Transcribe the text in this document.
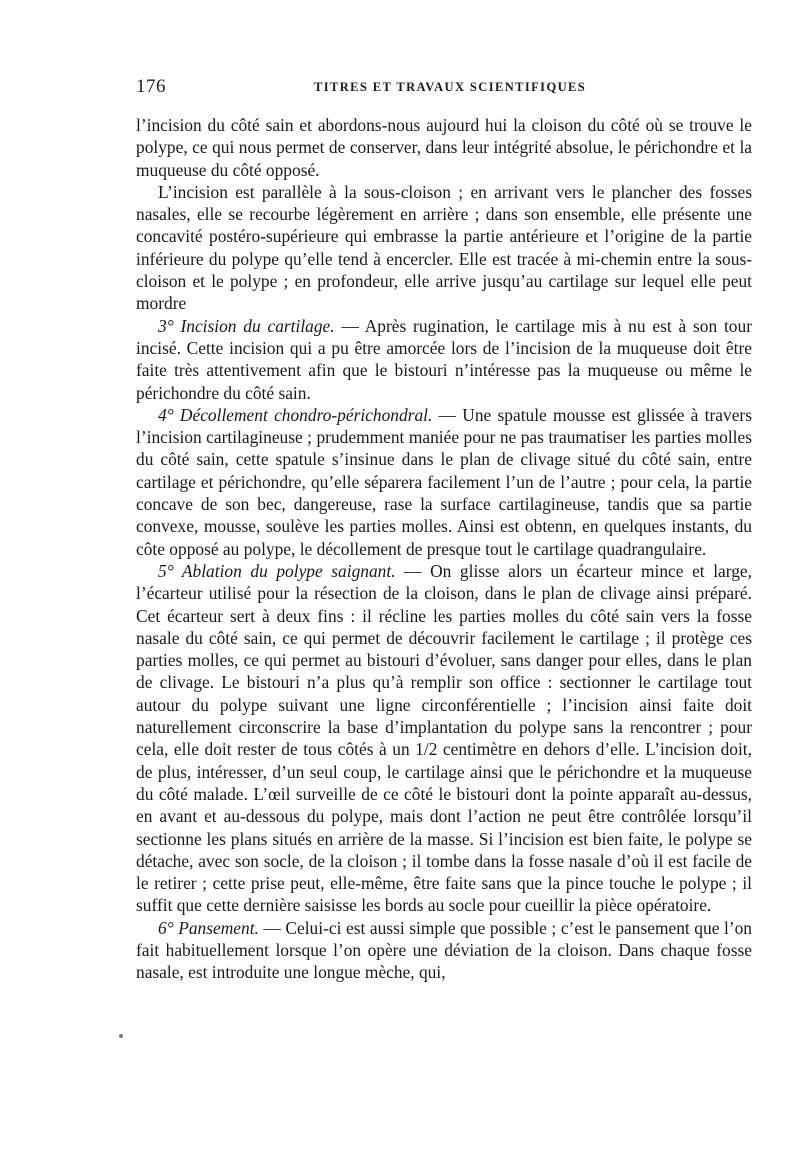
176	TITRES ET TRAVAUX SCIENTIFIQUES

l’incision du côté sain et abordons-nous aujourd hui la cloison du côté où se trouve le polype, ce qui nous permet de conserver, dans leur intégrité absolue, le périchondre et la muqueuse du côté opposé.

L’incision est parallèle à la sous-cloison ; en arrivant vers le plancher des fosses nasales, elle se recourbe légèrement en arrière ; dans son ensemble, elle présente une concavité postéro-supérieure qui embrasse la partie antérieure et l’origine de la partie inférieure du polype qu’elle tend à encercler. Elle est tracée à mi-chemin entre la sous-cloison et le polype ; en profondeur, elle arrive jusqu’au cartilage sur lequel elle peut mordre

3° Incision du cartilage. — Après rugination, le cartilage mis à nu est à son tour incisé. Cette incision qui a pu être amorcée lors de l’incision de la muqueuse doit être faite très attentivement afin que le bistouri n’intéresse pas la muqueuse ou même le périchondre du côté sain.

4° Décollement chondro-périchondral. — Une spatule mousse est glissée à travers l’incision cartilagineuse ; prudemment maniée pour ne pas traumatiser les parties molles du côté sain, cette spatule s’insinue dans le plan de clivage situé du côté sain, entre cartilage et périchondre, qu’elle séparera facilement l’un de l’autre ; pour cela, la partie concave de son bec, dangereuse, rase la surface cartilagineuse, tandis que sa partie convexe, mousse, soulève les parties molles. Ainsi est obtenn, en quelques instants, du côte opposé au polype, le décollement de presque tout le cartilage quadrangulaire.

5° Ablation du polype saignant. — On glisse alors un écarteur mince et large, l’écarteur utilisé pour la résection de la cloison, dans le plan de clivage ainsi préparé. Cet écarteur sert à deux fins : il récline les parties molles du côté sain vers la fosse nasale du côté sain, ce qui permet de découvrir facilement le cartilage ; il protège ces parties molles, ce qui permet au bistouri d’évoluer, sans danger pour elles, dans le plan de clivage. Le bistouri n’a plus qu’à remplir son office : sectionner le cartilage tout autour du polype suivant une ligne circonférentielle ; l’incision ainsi faite doit naturellement circonscrire la base d’implantation du polype sans la rencontrer ; pour cela, elle doit rester de tous côtés à un 1/2 centimètre en dehors d’elle. L’incision doit, de plus, intéresser, d’un seul coup, le cartilage ainsi que le périchondre et la muqueuse du côté malade. L’œil surveille de ce côté le bistouri dont la pointe apparaît au-dessus, en avant et au-dessous du polype, mais dont l’action ne peut être contrôlée lorsqu’il sectionne les plans situés en arrière de la masse. Si l’incision est bien faite, le polype se détache, avec son socle, de la cloison ; il tombe dans la fosse nasale d’où il est facile de le retirer ; cette prise peut, elle-même, être faite sans que la pince touche le polype ; il suffit que cette dernière saisisse les bords au socle pour cueillir la pièce opératoire.

6° Pansement. — Celui-ci est aussi simple que possible ; c’est le pansement que l’on fait habituellement lorsque l’on opère une déviation de la cloison. Dans chaque fosse nasale, est introduite une longue mèche, qui,
